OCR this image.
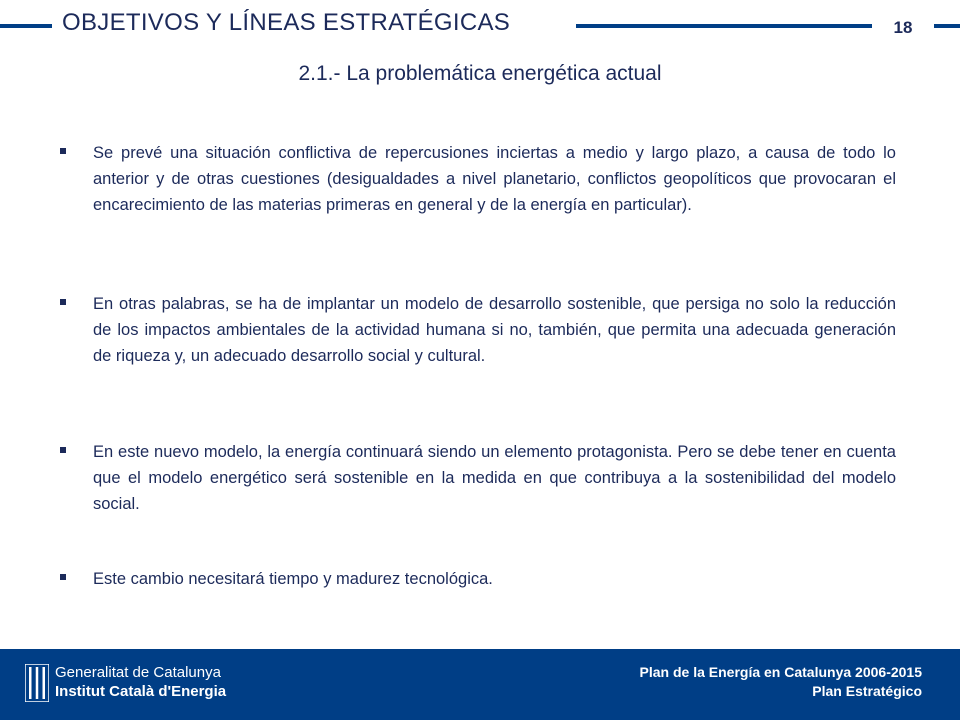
OBJETIVOS Y LÍNEAS ESTRATÉGICAS	18
2.1.- La problemática energética actual
Se prevé una situación conflictiva de repercusiones inciertas a medio y largo plazo, a causa de todo lo anterior y de otras cuestiones (desigualdades a nivel planetario, conflictos geopolíticos que provocaran el encarecimiento de las materias primeras en general y de la energía en particular).
En otras palabras, se ha de implantar un modelo de desarrollo sostenible, que persiga no solo la reducción de los impactos ambientales de la actividad humana si no, también, que permita una adecuada generación de riqueza y, un adecuado desarrollo social y cultural.
En este nuevo modelo, la energía continuará siendo un elemento protagonista. Pero se debe tener en cuenta que el modelo energético será sostenible en la medida en que contribuya a la sostenibilidad del modelo social.
Este cambio necesitará tiempo y madurez tecnológica.
Generalitat de Catalunya
Institut Català d'Energia
Plan de la Energía en Catalunya 2006-2015
Plan Estratégico
